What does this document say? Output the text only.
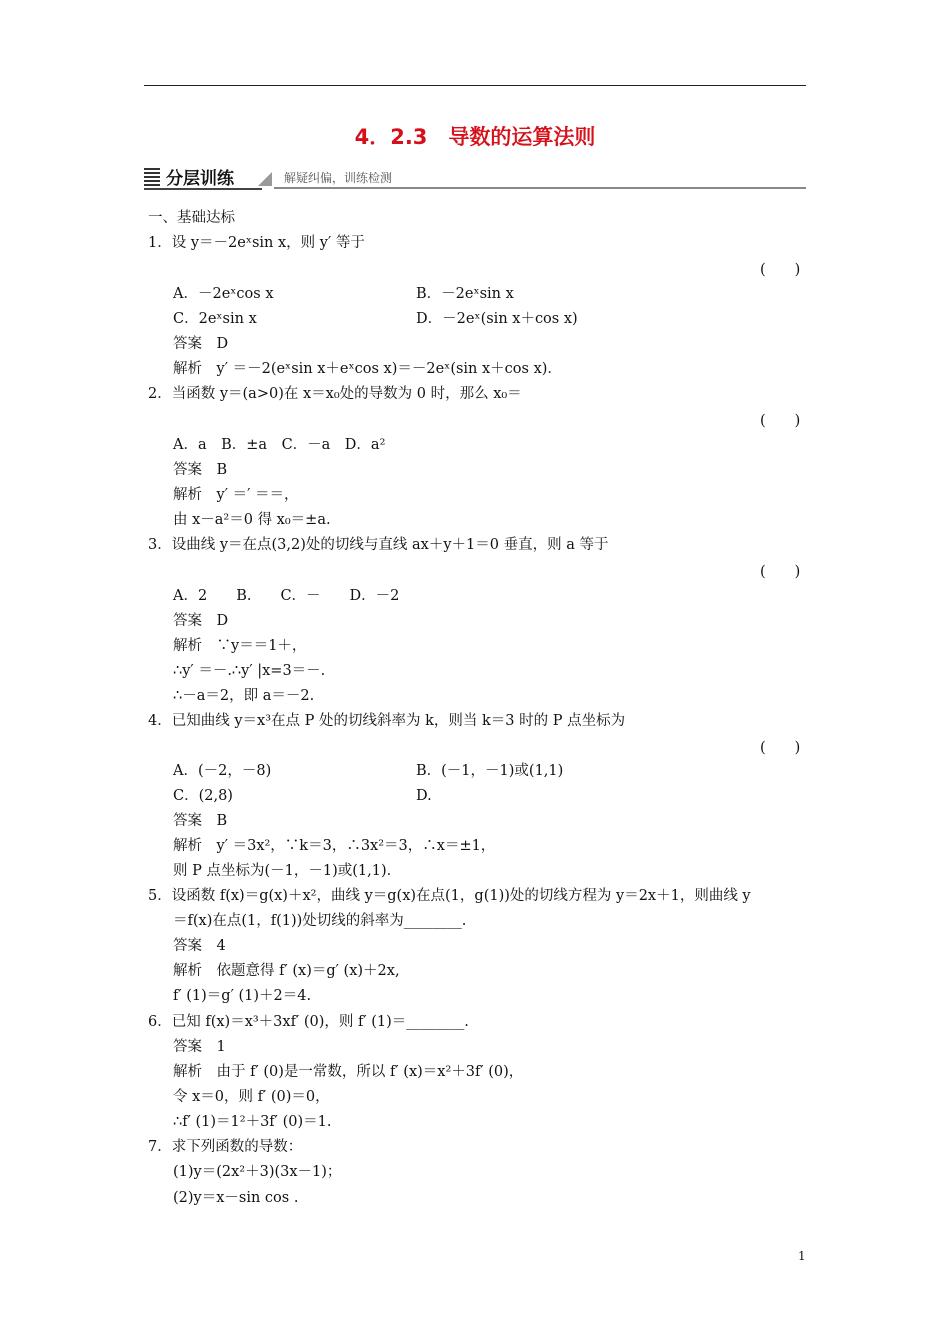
4．2.3　导数的运算法则
分层训练	解疑纠偏，训练检测
一、基础达标
1．设 y＝－2eˣsin x，则 y′ 等于
(　　)
A．－2eˣcos x	B．－2eˣsin x
C．2eˣsin x	D．－2eˣ(sin x＋cos x)
答案　D
解析　y′ ＝－2(eˣsin x＋eˣcos x)＝－2eˣ(sin x＋cos x)．
2．当函数 y＝(a>0)在 x＝x₀处的导数为 0 时，那么 x₀＝
(　　)
A．a　B．±a　C．－a　D．a²
答案　B
解析　y′ ＝′ ＝＝，
由 x－a²＝0 得 x₀＝±a.
3．设曲线 y＝在点(3,2)处的切线与直线 ax＋y＋1＝0 垂直，则 a 等于
(　　)
A．2　　B.　　C．－　　D．－2
答案　D
解析　∵y＝＝1＋，
∴y′ ＝－.∴y′ |x=3＝－.
∴－a＝2，即 a＝－2.
4．已知曲线 y＝x³在点 P 处的切线斜率为 k，则当 k＝3 时的 P 点坐标为
(　　)
A．(－2，－8)	B．(－1，－1)或(1,1)
C．(2,8)	D.
答案　B
解析　y′ ＝3x²，∵k＝3，∴3x²＝3，∴x＝±1，
则 P 点坐标为(－1，－1)或(1,1)．
5．设函数 f(x)＝g(x)＋x²，曲线 y＝g(x)在点(1，g(1))处的切线方程为 y＝2x＋1，则曲线 y
＝f(x)在点(1，f(1))处切线的斜率为________.
答案　4
解析　依题意得 f′ (x)＝g′ (x)＋2x,
f′ (1)＝g′ (1)＋2＝4.
6．已知 f(x)＝x³＋3xf′ (0)，则 f′ (1)＝________.
答案　1
解析　由于 f′ (0)是一常数，所以 f′ (x)＝x²＋3f′ (0)，
令 x＝0，则 f′ (0)＝0，
∴f′ (1)＝1²＋3f′ (0)＝1.
7．求下列函数的导数：
(1)y＝(2x²＋3)(3x－1)；
(2)y＝x－sin cos .
1
